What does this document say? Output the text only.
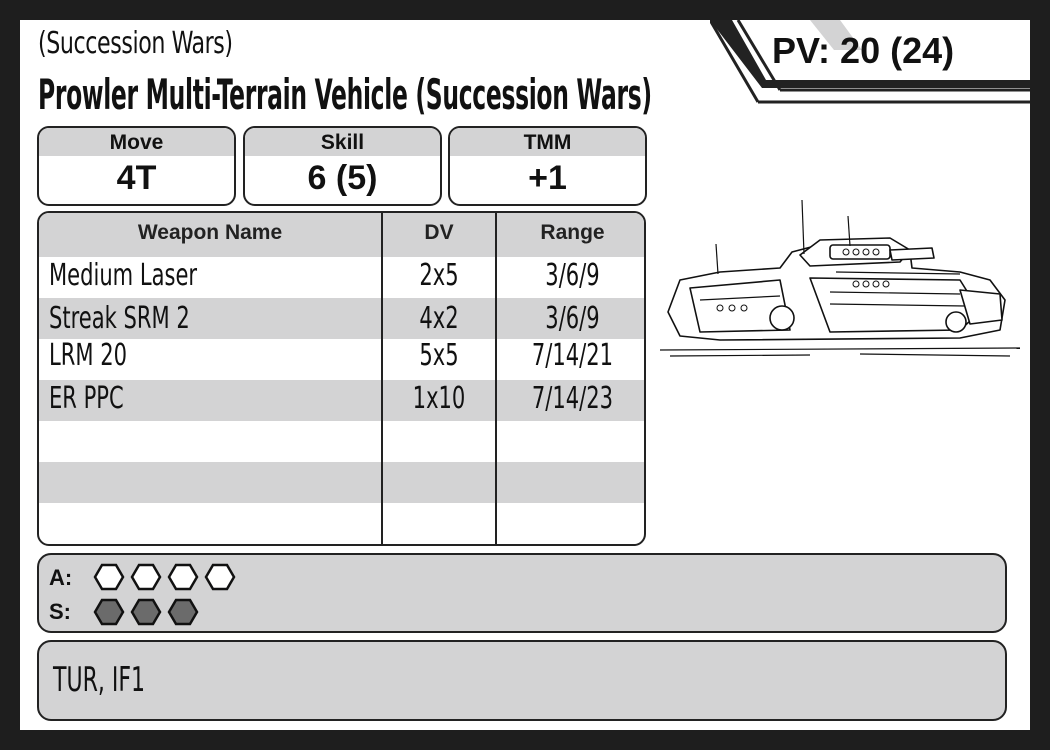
(Succession Wars)
Prowler Multi-Terrain Vehicle (Succession Wars)
PV: 20 (24)
Move
4T
Skill
6 (5)
TMM
+1
Weapon Name	DV	Range
Medium Laser	2x5	3/6/9
Streak SRM 2	4x2	3/6/9
LRM 20	5x5	7/14/21
ER PPC	1x10	7/14/23
A:
S:
TUR, IF1
